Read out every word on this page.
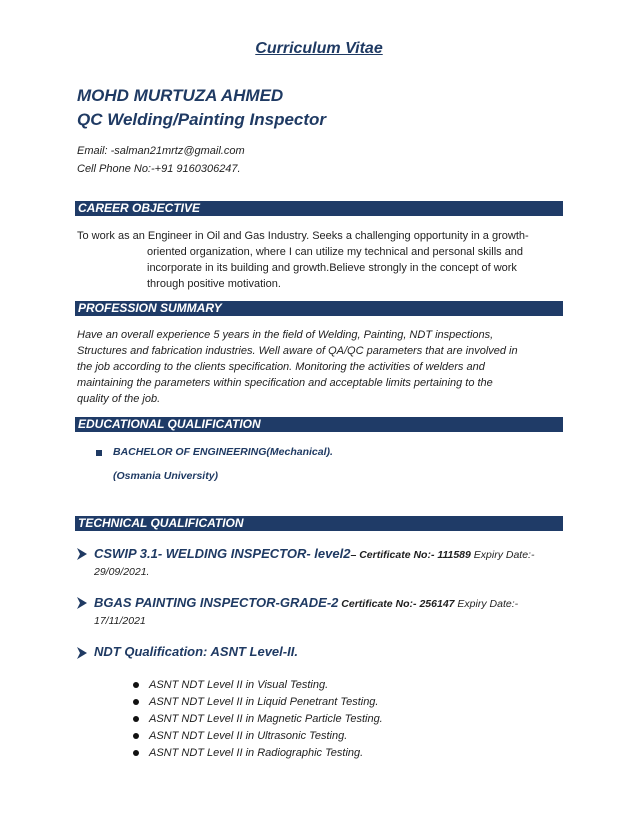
Curriculum Vitae
MOHD MURTUZA AHMED
QC Welding/Painting Inspector
Email: -salman21mrtz@gmail.com
Cell Phone No:-+91 9160306247.
CAREER OBJECTIVE
To work as an Engineer in Oil and Gas Industry. Seeks a challenging opportunity in a growth-
oriented organization, where I can utilize my technical and personal skills and
incorporate in its building and growth.Believe strongly in the concept of work
through positive motivation.
PROFESSION SUMMARY
Have an overall experience 5 years in the field of Welding, Painting, NDT inspections,
Structures and fabrication industries. Well aware of QA/QC parameters that are involved in
the job according to the clients specification. Monitoring the activities of welders and
maintaining the parameters within specification and acceptable limits pertaining to the
quality of the job.
EDUCATIONAL QUALIFICATION
BACHELOR OF ENGINEERING(Mechanical).
(Osmania University)
TECHNICAL QUALIFICATION
CSWIP 3.1- WELDING INSPECTOR- level2– Certificate No:- 111589 Expiry Date:-
29/09/2021.
BGAS PAINTING INSPECTOR-GRADE-2 Certificate No:- 256147 Expiry Date:-
17/11/2021
NDT Qualification: ASNT Level-II.
ASNT NDT Level II in Visual Testing.
ASNT NDT Level II in Liquid Penetrant Testing.
ASNT NDT Level II in Magnetic Particle Testing.
ASNT NDT Level II in Ultrasonic Testing.
ASNT NDT Level II in Radiographic Testing.
